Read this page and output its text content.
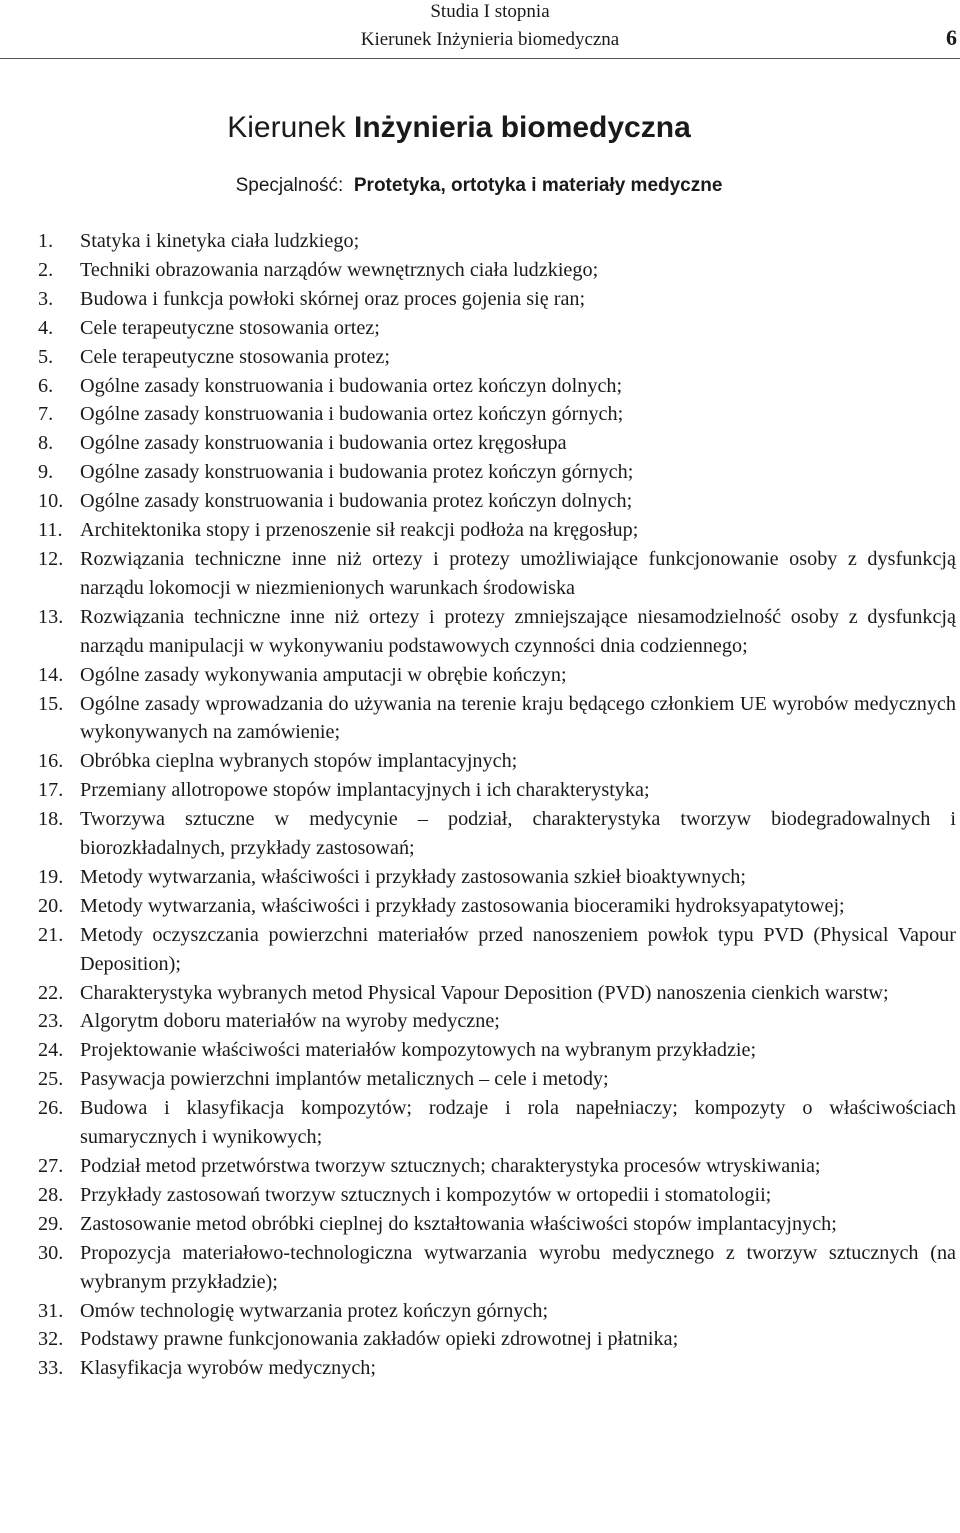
Studia I stopnia
Kierunek Inżynieria biomedyczna	6
Kierunek Inżynieria biomedyczna
Specjalność: Protetyka, ortotyka i materiały medyczne
1.	Statyka i kinetyka ciała ludzkiego;
2.	Techniki obrazowania narządów wewnętrznych ciała ludzkiego;
3.	Budowa i funkcja powłoki skórnej oraz proces gojenia się ran;
4.	Cele terapeutyczne stosowania ortez;
5.	Cele terapeutyczne stosowania protez;
6.	Ogólne zasady konstruowania i budowania ortez kończyn dolnych;
7.	Ogólne zasady konstruowania i budowania ortez kończyn górnych;
8.	Ogólne zasady konstruowania i budowania ortez kręgosłupa
9.	Ogólne zasady konstruowania i budowania protez kończyn górnych;
10. Ogólne zasady konstruowania i budowania protez kończyn dolnych;
11. Architektonika stopy i przenoszenie sił reakcji podłoża na kręgosłup;
12. Rozwiązania techniczne inne niż ortezy i protezy umożliwiające funkcjonowanie osoby z dysfunkcją narządu lokomocji w niezmienionych warunkach środowiska
13. Rozwiązania techniczne inne niż ortezy i protezy zmniejszające niesamodzielność osoby z dysfunkcją narządu manipulacji w wykonywaniu podstawowych czynności dnia codziennego;
14. Ogólne zasady wykonywania amputacji w obrębie kończyn;
15. Ogólne zasady wprowadzania do używania na terenie kraju będącego członkiem UE wyrobów medycznych wykonywanych na zamówienie;
16. Obróbka cieplna wybranych stopów implantacyjnych;
17. Przemiany allotropowe stopów implantacyjnych i ich charakterystyka;
18. Tworzywa sztuczne w medycynie – podział, charakterystyka tworzyw biodegradowalnych i biorozkładalnych, przykłady zastosowań;
19. Metody wytwarzania, właściwości i przykłady zastosowania szkieł bioaktywnych;
20. Metody wytwarzania, właściwości i przykłady zastosowania bioceramiki hydroksyapatytowej;
21. Metody oczyszczania powierzchni materiałów przed nanoszeniem powłok typu PVD (Physical Vapour Deposition);
22. Charakterystyka wybranych metod Physical Vapour Deposition (PVD) nanoszenia cienkich warstw;
23. Algorytm doboru materiałów na wyroby medyczne;
24. Projektowanie właściwości materiałów kompozytowych na wybranym przykładzie;
25. Pasywacja powierzchni implantów metalicznych – cele i metody;
26. Budowa i klasyfikacja kompozytów; rodzaje i rola napełniaczy; kompozyty o właściwościach sumarycznych i wynikowych;
27. Podział metod przetwórstwa tworzyw sztucznych; charakterystyka procesów wtryskiwania;
28. Przykłady zastosowań tworzyw sztucznych i kompozytów w ortopedii i stomatologii;
29. Zastosowanie metod obróbki cieplnej do kształtowania właściwości stopów implantacyjnych;
30. Propozycja materiałowo-technologiczna wytwarzania wyrobu medycznego z tworzyw sztucznych (na wybranym przykładzie);
31. Omów technologię wytwarzania protez kończyn górnych;
32. Podstawy prawne funkcjonowania zakładów opieki zdrowotnej i płatnika;
33. Klasyfikacja wyrobów medycznych;
